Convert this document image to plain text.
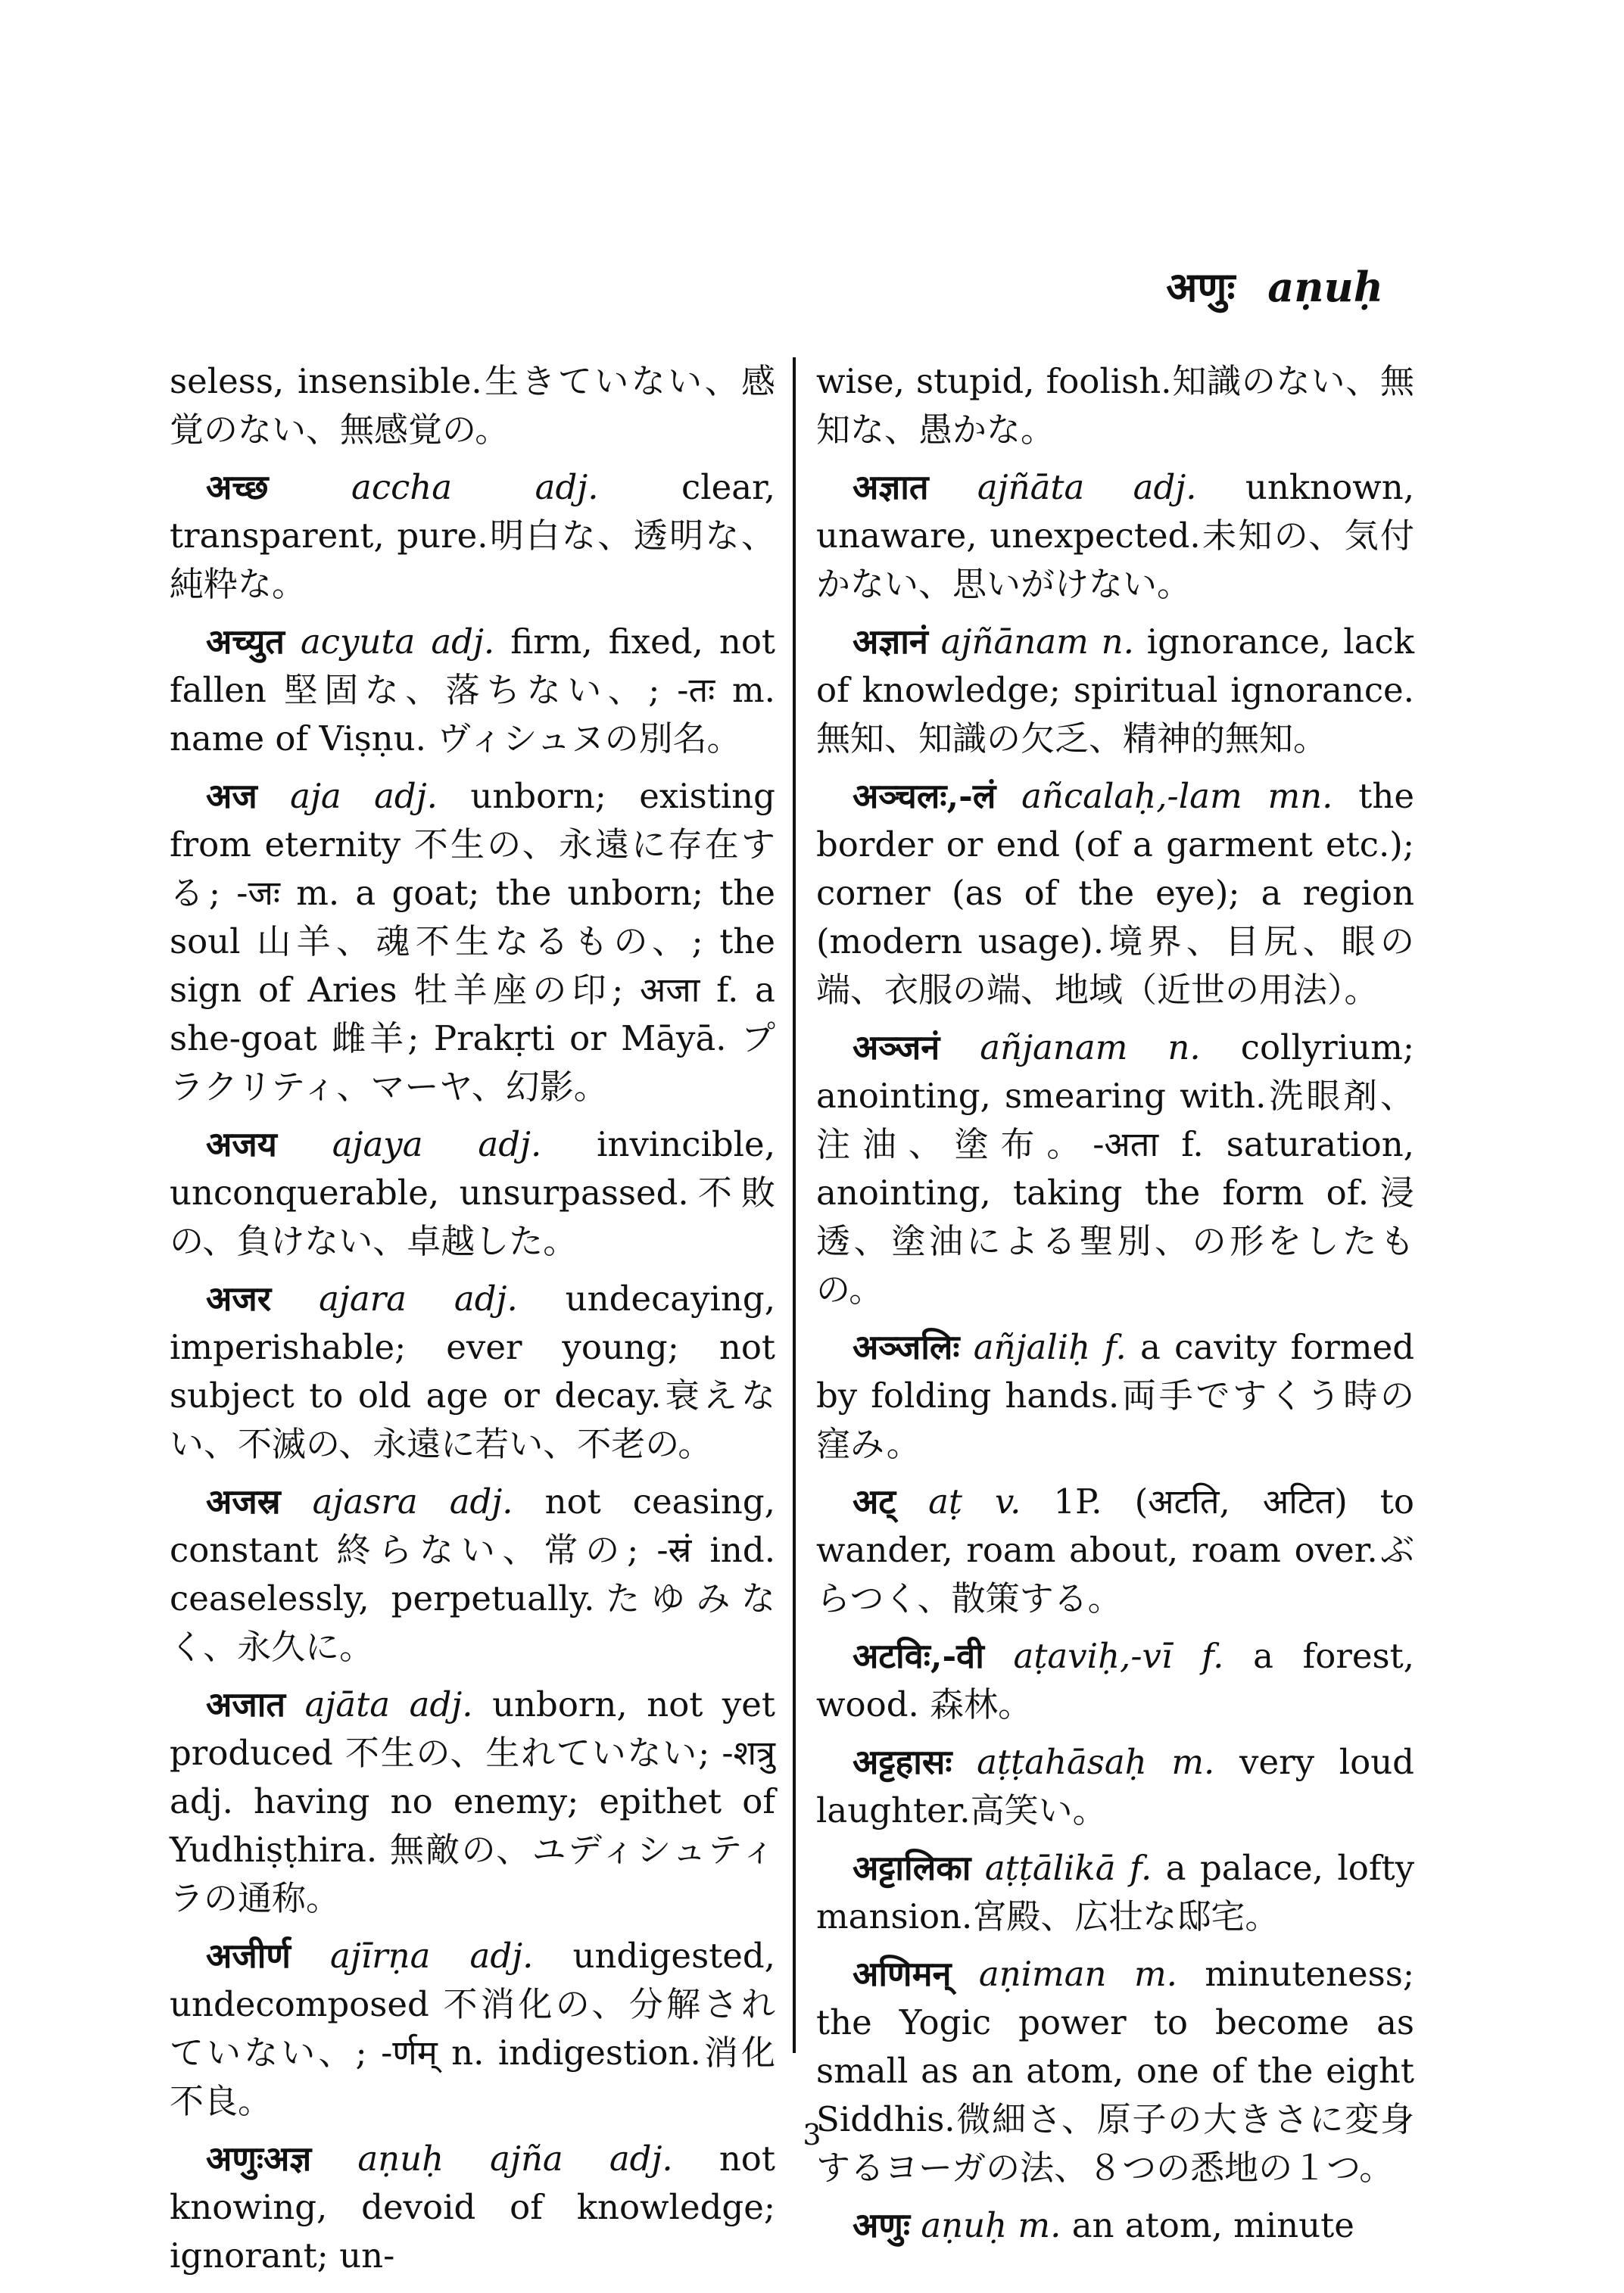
अणुः aṇuḥ

seless, insensible.生きていない、感覚のない、無感覚の。

अच्छ accha adj. clear, transparent, pure.明白な、透明な、純粋な。

अच्युत acyuta adj. firm, fixed, not fallen 堅固な、落ちない、; -तः m. name of Viṣṇu. ヴィシュヌの別名。

अज aja adj. unborn; existing from eternity 不生の、永遠に存在する; -जः m. a goat; the unborn; the soul 山羊、魂不生なるもの、; the sign of Aries 牡羊座の印; अजा f. a she-goat 雌羊; Prakṛti or Māyā. プラクリティ、マーヤ、幻影。

अजय ajaya adj. invincible, unconquerable, unsurpassed.不敗の、負けない、卓越した。

अजर ajara adj. undecaying, imperishable; ever young; not subject to old age or decay.衰えない、不滅の、永遠に若い、不老の。

अजस्र ajasra adj. not ceasing, constant 終らない、常の; -स्रं ind. ceaselessly, perpetually.たゆみなく、永久に。

अजात ajāta adj. unborn, not yet produced 不生の、生れていない; -शत्रु adj. having no enemy; epithet of Yudhiṣṭhira. 無敵の、ユディシュティラの通称。

अजीर्ण ajīrṇa adj. undigested, undecomposed 不消化の、分解されていない、; -र्णम् n. indigestion.消化不良。

अणुःअज्ञ aṇuḥ ajña adj. not knowing, devoid of knowledge; ignorant; un-

wise, stupid, foolish.知識のない、無知な、愚かな。

अज्ञात ajñāta adj. unknown, unaware, unexpected.未知の、気付かない、思いがけない。

अज्ञानं ajñānam n. ignorance, lack of knowledge; spiritual ignorance.無知、知識の欠乏、精神的無知。

अञ्चलः,-लं añcalaḥ,-lam mn. the border or end (of a garment etc.); corner (as of the eye); a region (modern usage).境界、目尻、眼の端、衣服の端、地域（近世の用法）。

अञ्जनं añjanam n. collyrium; anointing, smearing with.洗眼剤、注油、塗布。-अता f. saturation, anointing, taking the form of.浸透、塗油による聖別、の形をしたもの。

अञ्जलिः añjaliḥ f. a cavity formed by folding hands.両手ですくう時の窪み。

अट् aṭ v. 1P. (अटति, अटित) to wander, roam about, roam over.ぶらつく、散策する。

अटविः,-वी aṭaviḥ,-vī f. a forest, wood. 森林。

अट्टहासः aṭṭahāsaḥ m. very loud laughter.高笑い。

अट्टालिका aṭṭālikā f. a palace, lofty mansion.宮殿、広壮な邸宅。

अणिमन् aṇiman m. minuteness; the Yogic power to become as small as an atom, one of the eight Siddhis.微細さ、原子の大きさに変身するヨーガの法、８つの悉地の１つ。

अणुः aṇuḥ m. an atom, minute

3
